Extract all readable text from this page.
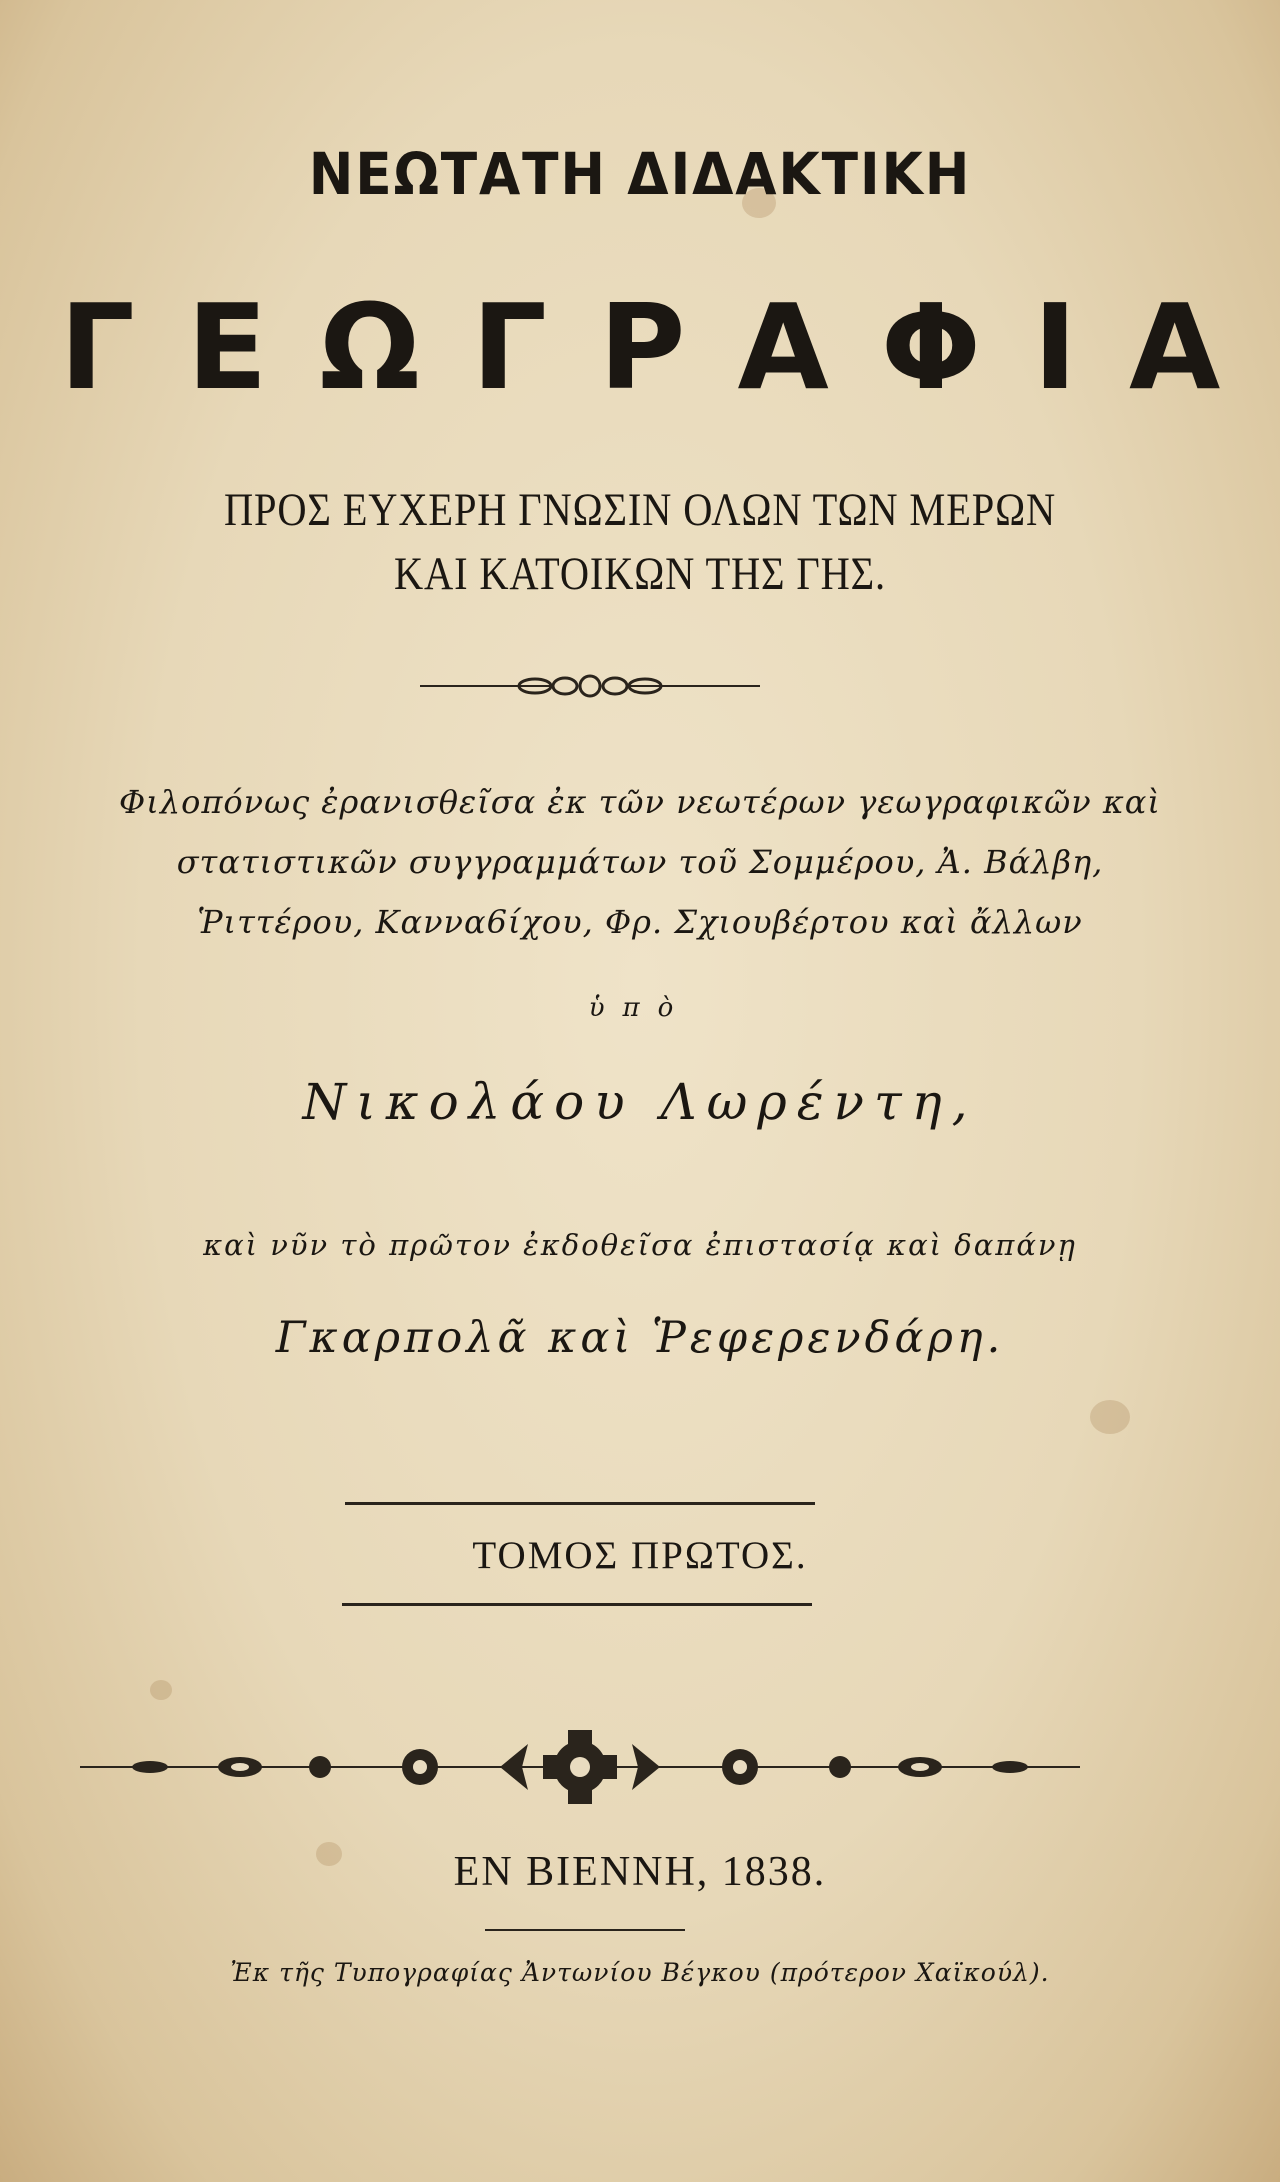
ΝΕΩΤΑΤΗ ΔΙΔΑΚΤΙΚΗ
ΓΕΩΓΡΑΦΙΑ
ΠΡΟΣ ΕΥΧΕΡΗ ΓΝΩΣΙΝ ΟΛΩΝ ΤΩΝ ΜΕΡΩΝ
ΚΑΙ ΚΑΤΟΙΚΩΝ ΤΗΣ ΓΗΣ.
Φιλοπόνως ἐρανισθεῖσα ἐκ τῶν νεωτέρων γεωγραφικῶν καὶ
στατιστικῶν συγγραμμάτων τοῦ Σομμέρου, Ἀ. Βάλβη,
Ῥιττέρου, Καννα6ίχου, Φρ. Σχιουβέρτου καὶ ἄλλων
ὑπὸ
Νικολάου Λωρέντη,
καὶ νῦν τὸ πρῶτον ἐκδοθεῖσα ἐπιστασίᾳ καὶ δαπάνῃ
Γκαρπολᾶ καὶ Ῥεφερενδάρη.
ΤΟΜΟΣ ΠΡΩΤΟΣ.
ΕΝ ΒΙΕΝΝΗ, 1838.
Ἐκ τῆς Τυπογραφίας Ἀντωνίου Βέγκου (πρότερον Χαϊκούλ).
